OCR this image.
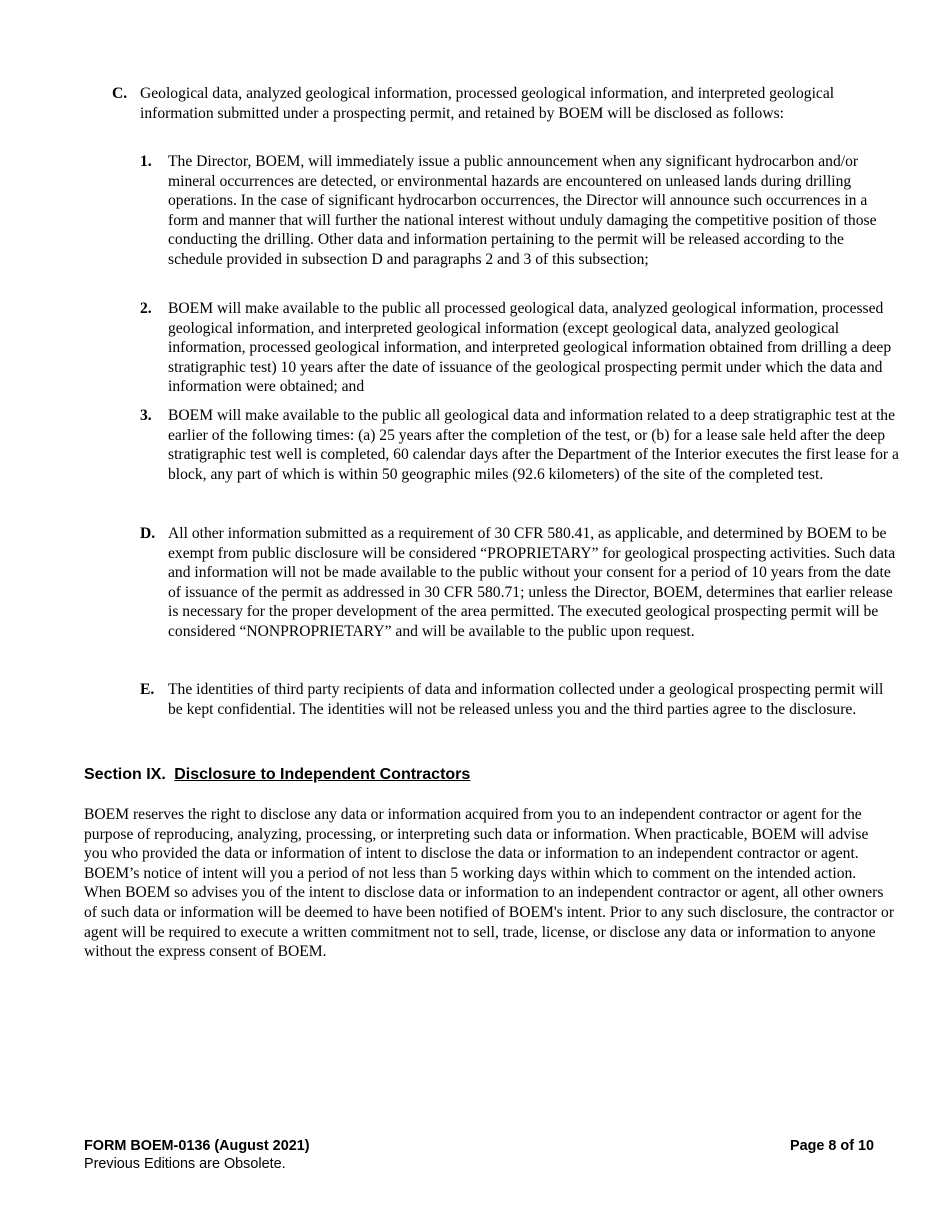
C. Geological data, analyzed geological information, processed geological information, and interpreted geological information submitted under a prospecting permit, and retained by BOEM will be disclosed as follows:
1. The Director, BOEM, will immediately issue a public announcement when any significant hydrocarbon and/or mineral occurrences are detected, or environmental hazards are encountered on unleased lands during drilling operations. In the case of significant hydrocarbon occurrences, the Director will announce such occurrences in a form and manner that will further the national interest without unduly damaging the competitive position of those conducting the drilling. Other data and information pertaining to the permit will be released according to the schedule provided in subsection D and paragraphs 2 and 3 of this subsection;
2. BOEM will make available to the public all processed geological data, analyzed geological information, processed geological information, and interpreted geological information (except geological data, analyzed geological information, processed geological information, and interpreted geological information obtained from drilling a deep stratigraphic test) 10 years after the date of issuance of the geological prospecting permit under which the data and information were obtained; and
3. BOEM will make available to the public all geological data and information related to a deep stratigraphic test at the earlier of the following times: (a) 25 years after the completion of the test, or (b) for a lease sale held after the deep stratigraphic test well is completed, 60 calendar days after the Department of the Interior executes the first lease for a block, any part of which is within 50 geographic miles (92.6 kilometers) of the site of the completed test.
D. All other information submitted as a requirement of 30 CFR 580.41, as applicable, and determined by BOEM to be exempt from public disclosure will be considered “PROPRIETARY” for geological prospecting activities. Such data and information will not be made available to the public without your consent for a period of 10 years from the date of issuance of the permit as addressed in 30 CFR 580.71; unless the Director, BOEM, determines that earlier release is necessary for the proper development of the area permitted. The executed geological prospecting permit will be considered “NONPROPRIETARY” and will be available to the public upon request.
E. The identities of third party recipients of data and information collected under a geological prospecting permit will be kept confidential. The identities will not be released unless you and the third parties agree to the disclosure.
Section IX. Disclosure to Independent Contractors
BOEM reserves the right to disclose any data or information acquired from you to an independent contractor or agent for the purpose of reproducing, analyzing, processing, or interpreting such data or information. When practicable, BOEM will advise you who provided the data or information of intent to disclose the data or information to an independent contractor or agent. BOEM’s notice of intent will you a period of not less than 5 working days within which to comment on the intended action. When BOEM so advises you of the intent to disclose data or information to an independent contractor or agent, all other owners of such data or information will be deemed to have been notified of BOEM's intent. Prior to any such disclosure, the contractor or agent will be required to execute a written commitment not to sell, trade, license, or disclose any data or information to anyone without the express consent of BOEM.
FORM BOEM-0136 (August 2021)
Previous Editions are Obsolete.
Page 8 of 10
